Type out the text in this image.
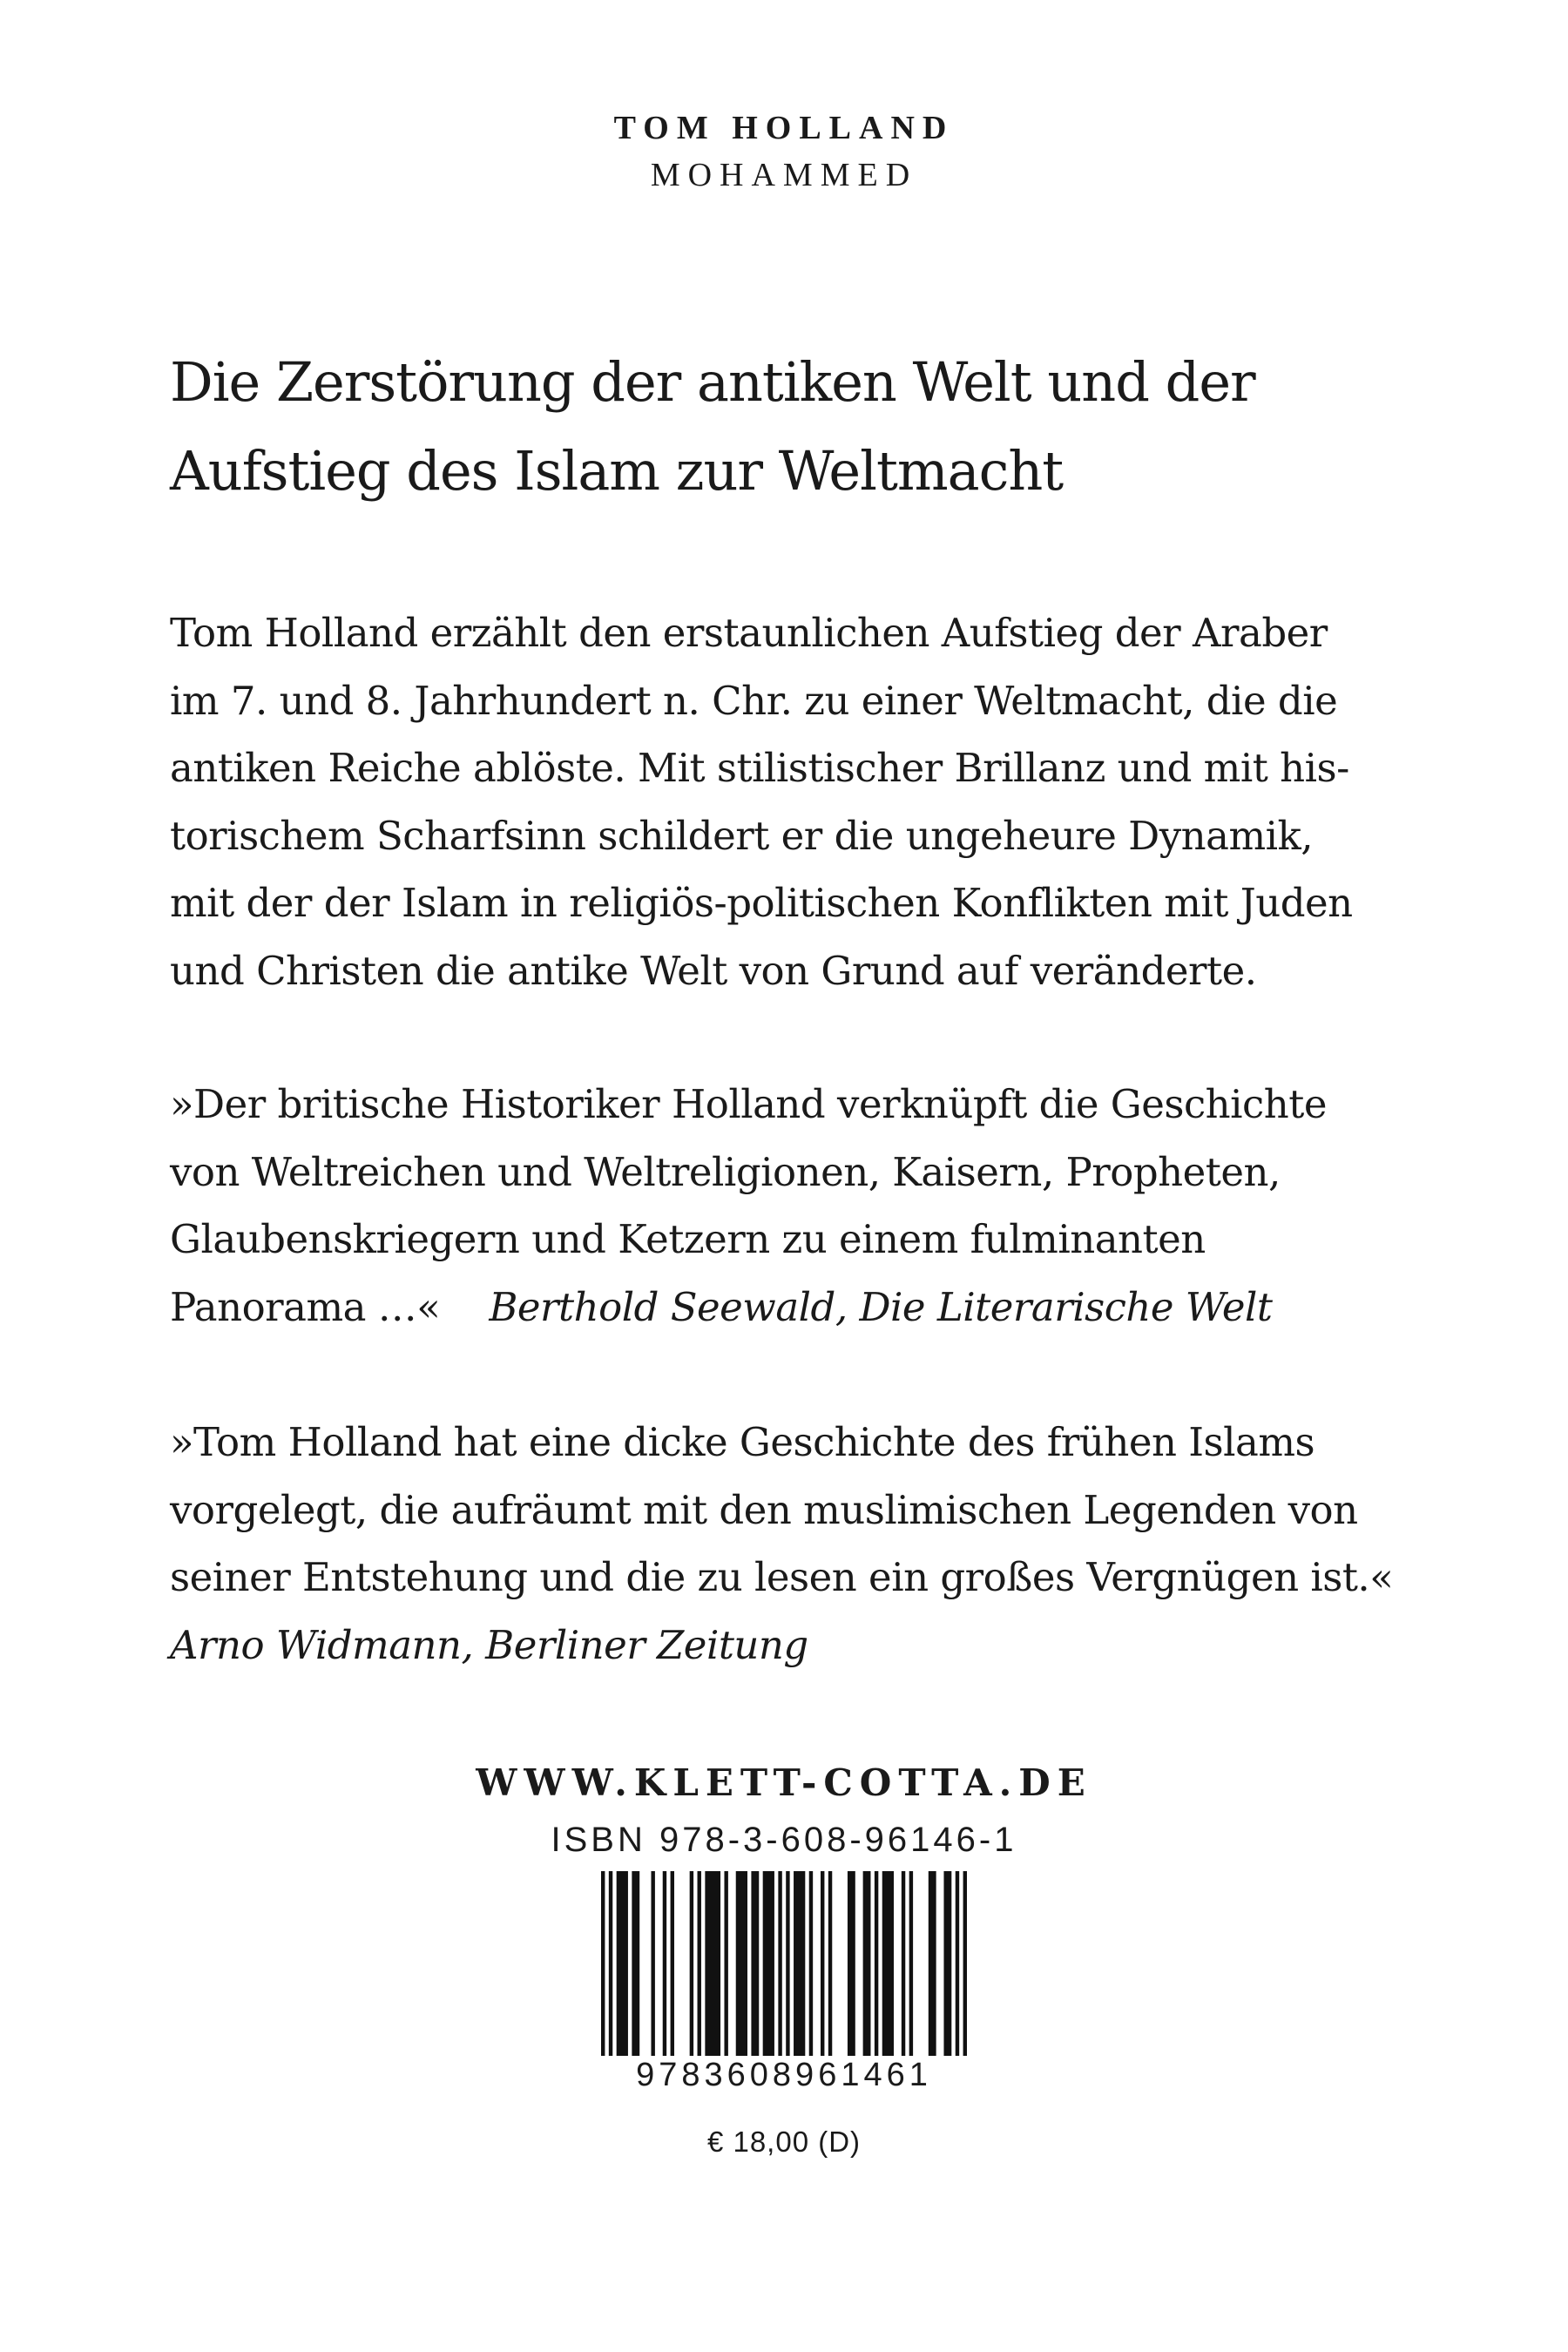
TOM HOLLAND
MOHAMMED
Die Zerstörung der antiken Welt und der
Aufstieg des Islam zur Weltmacht
Tom Holland erzählt den erstaunlichen Aufstieg der Araber
im 7. und 8. Jahrhundert n. Chr. zu einer Weltmacht, die die
antiken Reiche ablöste. Mit stilistischer Brillanz und mit his-
torischem Scharfsinn schildert er die ungeheure Dynamik,
mit der der Islam in religiös-politischen Konflikten mit Juden
und Christen die antike Welt von Grund auf veränderte.
»Der britische Historiker Holland verknüpft die Geschichte
von Weltreichen und Weltreligionen, Kaisern, Propheten,
Glaubenskriegern und Ketzern zu einem fulminanten
Panorama …« Berthold Seewald, Die Literarische Welt
»Tom Holland hat eine dicke Geschichte des frühen Islams
vorgelegt, die aufräumt mit den muslimischen Legenden von
seiner Entstehung und die zu lesen ein großes Vergnügen ist.«
Arno Widmann, Berliner Zeitung
WWW.KLETT-COTTA.DE
ISBN 978-3-608-96146-1
9783608961461
€ 18,00 (D)
